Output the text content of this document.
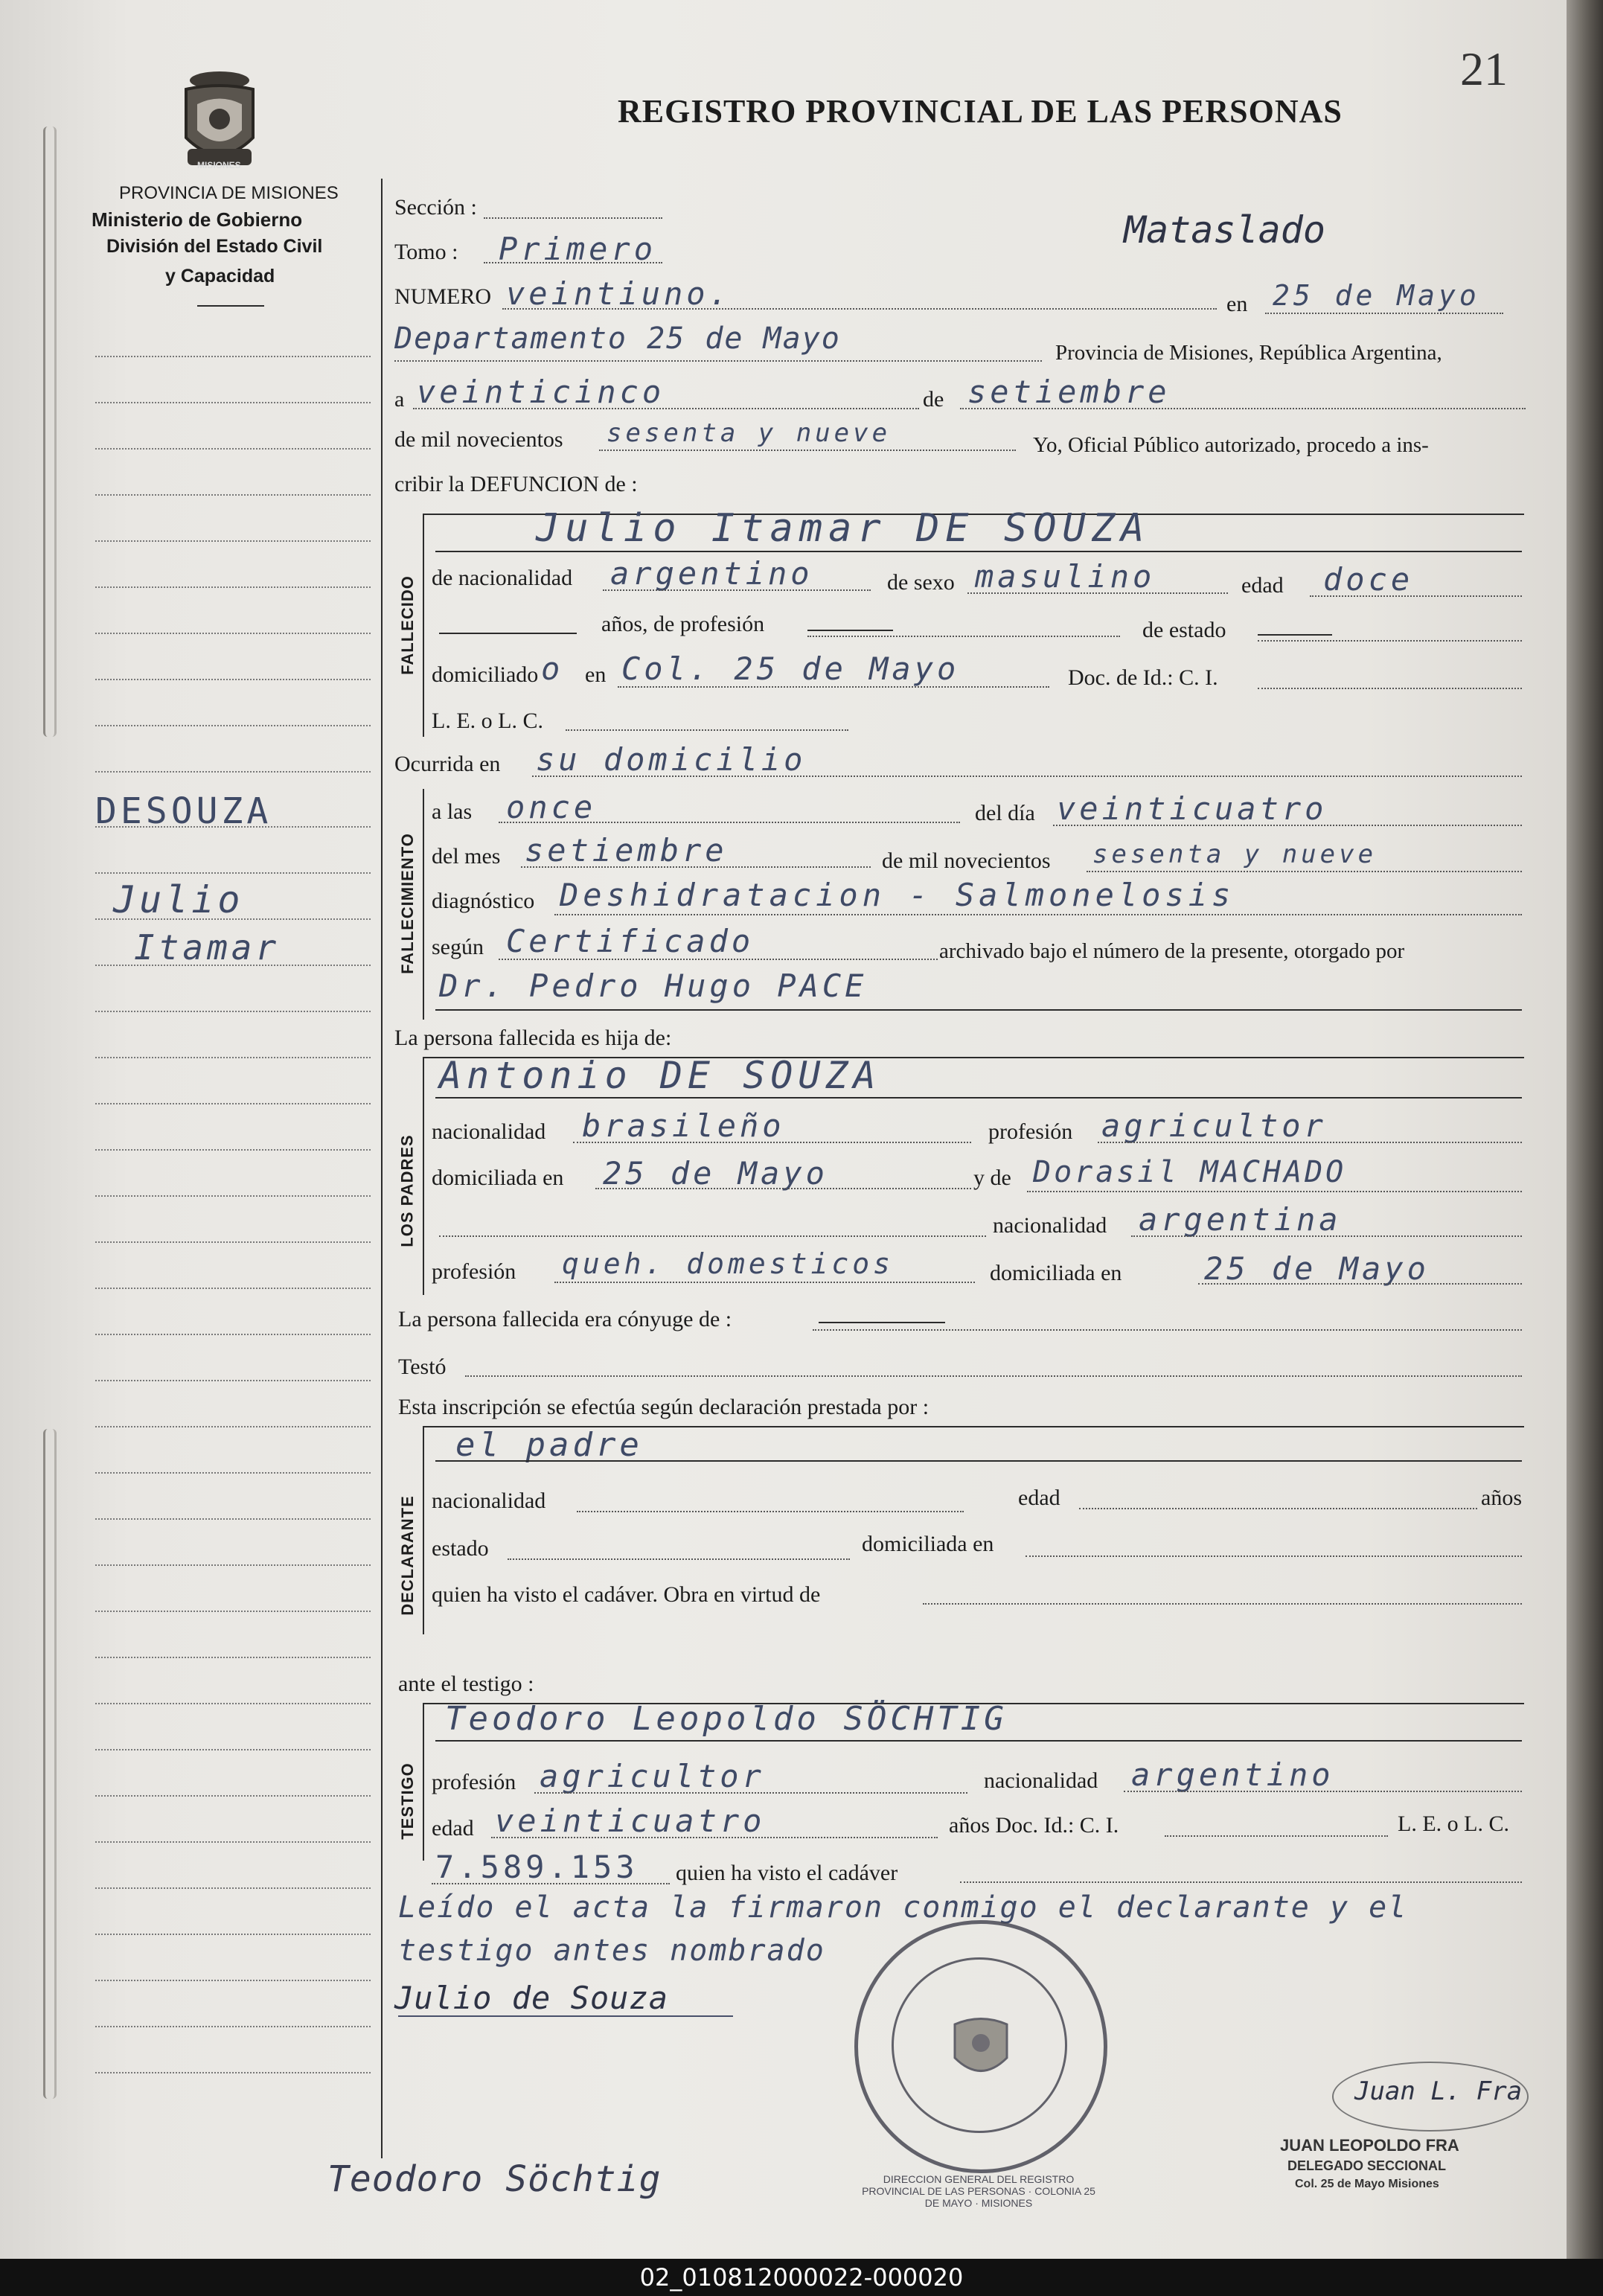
21
MISIONES
PROVINCIA DE MISIONES
Ministerio de Gobierno
División del Estado Civil
y Capacidad
REGISTRO PROVINCIAL DE LAS PERSONAS
DESOUZA
Julio
Itamar
Sección :
Tomo : Primero	Mataslado
NUMERO veintiuno.	en 25 de Mayo
Departamento 25 de Mayo	Provincia de Misiones, República Argentina,
a veinticinco	de setiembre
de mil novecientos sesenta y nueve	Yo, Oficial Público autorizado, procedo a ins-
cribir la DEFUNCION de :
FALLECIDO
Julio Itamar DE SOUZA
de nacionalidad argentino	de sexo masulino	edad doce
años, de profesión	de estado
domiciliado o en Col. 25 de Mayo	Doc. de Id.: C. I.
L. E. o L. C.
Ocurrida en su domicilio
FALLECIMIENTO
a las once	del día veinticuatro
del mes setiembre	de mil novecientos sesenta y nueve
diagnóstico Deshidratacion - Salmonelosis
según Certificado	archivado bajo el número de la presente, otorgado por
Dr. Pedro Hugo PACE
La persona fallecida es hija de:
LOS PADRES
Antonio DE SOUZA
nacionalidad brasileño	profesión agricultor
domiciliada en 25 de Mayo	y de Dorasil MACHADO
nacionalidad argentina
profesión queh. domesticos	domiciliada en	25 de Mayo
La persona fallecida era cónyuge de :
Testó
Esta inscripción se efectúa según declaración prestada por :
DECLARANTE
el padre
nacionalidad	edad	años
estado	domiciliada en
quien ha visto el cadáver. Obra en virtud de
ante el testigo :
TESTIGO
Teodoro Leopoldo SÖCHTIG
profesión agricultor	nacionalidad argentino
edad veinticuatro	años Doc. Id.: C. I.	L. E. o L. C.
7.589.153 quien ha visto el cadáver
Leído el acta la firmaron conmigo el declarante y el
testigo antes nombrado
Julio de Souza
DIRECCION GENERAL DEL REGISTRO PROVINCIAL DE LAS PERSONAS · COLONIA 25 DE MAYO · MISIONES
Juan L. Fra
JUAN LEOPOLDO FRA
DELEGADO SECCIONAL
Col. 25 de Mayo Misiones
Teodoro Söchtig
02_010812000022-000020
